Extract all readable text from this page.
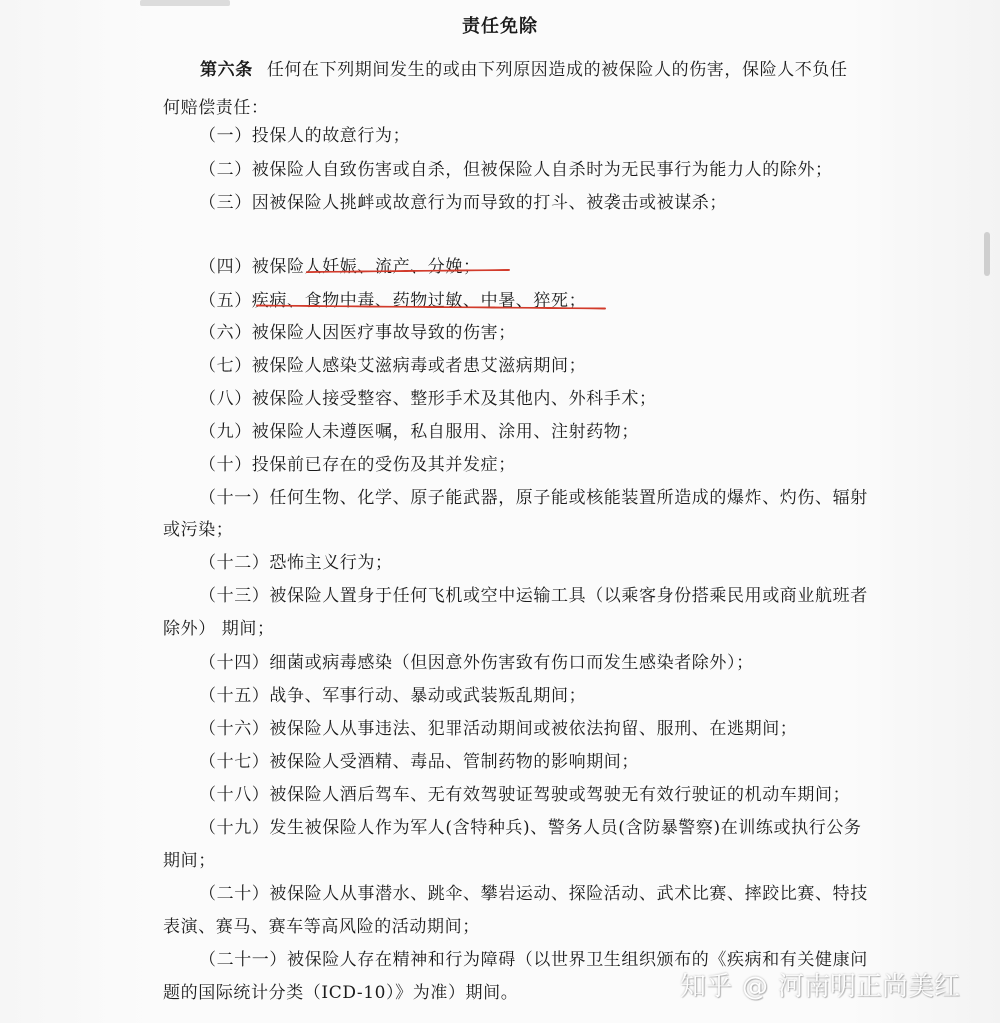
责任免除
第六条 任何在下列期间发生的或由下列原因造成的被保险人的伤害，保险人不负任
何赔偿责任：
（一）投保人的故意行为；
（二）被保险人自致伤害或自杀，但被保险人自杀时为无民事行为能力人的除外；
（三）因被保险人挑衅或故意行为而导致的打斗、被袭击或被谋杀；
（四）被保险人妊娠、流产、分娩；
（五）疾病、食物中毒、药物过敏、中暑、猝死；
（六）被保险人因医疗事故导致的伤害；
（七）被保险人感染艾滋病毒或者患艾滋病期间；
（八）被保险人接受整容、整形手术及其他内、外科手术；
（九）被保险人未遵医嘱，私自服用、涂用、注射药物；
（十）投保前已存在的受伤及其并发症；
（十一）任何生物、化学、原子能武器，原子能或核能装置所造成的爆炸、灼伤、辐射
或污染；
（十二）恐怖主义行为；
（十三）被保险人置身于任何飞机或空中运输工具（以乘客身份搭乘民用或商业航班者
除外） 期间；
（十四）细菌或病毒感染（但因意外伤害致有伤口而发生感染者除外）；
（十五）战争、军事行动、暴动或武装叛乱期间；
（十六）被保险人从事违法、犯罪活动期间或被依法拘留、服刑、在逃期间；
（十七）被保险人受酒精、毒品、管制药物的影响期间；
（十八）被保险人酒后驾车、无有效驾驶证驾驶或驾驶无有效行驶证的机动车期间；
（十九）发生被保险人作为军人(含特种兵)、警务人员(含防暴警察)在训练或执行公务
期间；
（二十）被保险人从事潜水、跳伞、攀岩运动、探险活动、武术比赛、摔跤比赛、特技
表演、赛马、赛车等高风险的活动期间；
（二十一）被保险人存在精神和行为障碍（以世界卫生组织颁布的《疾病和有关健康问
题的国际统计分类（ICD-10）》为准）期间。	知乎 @ 河南明正尚美红
